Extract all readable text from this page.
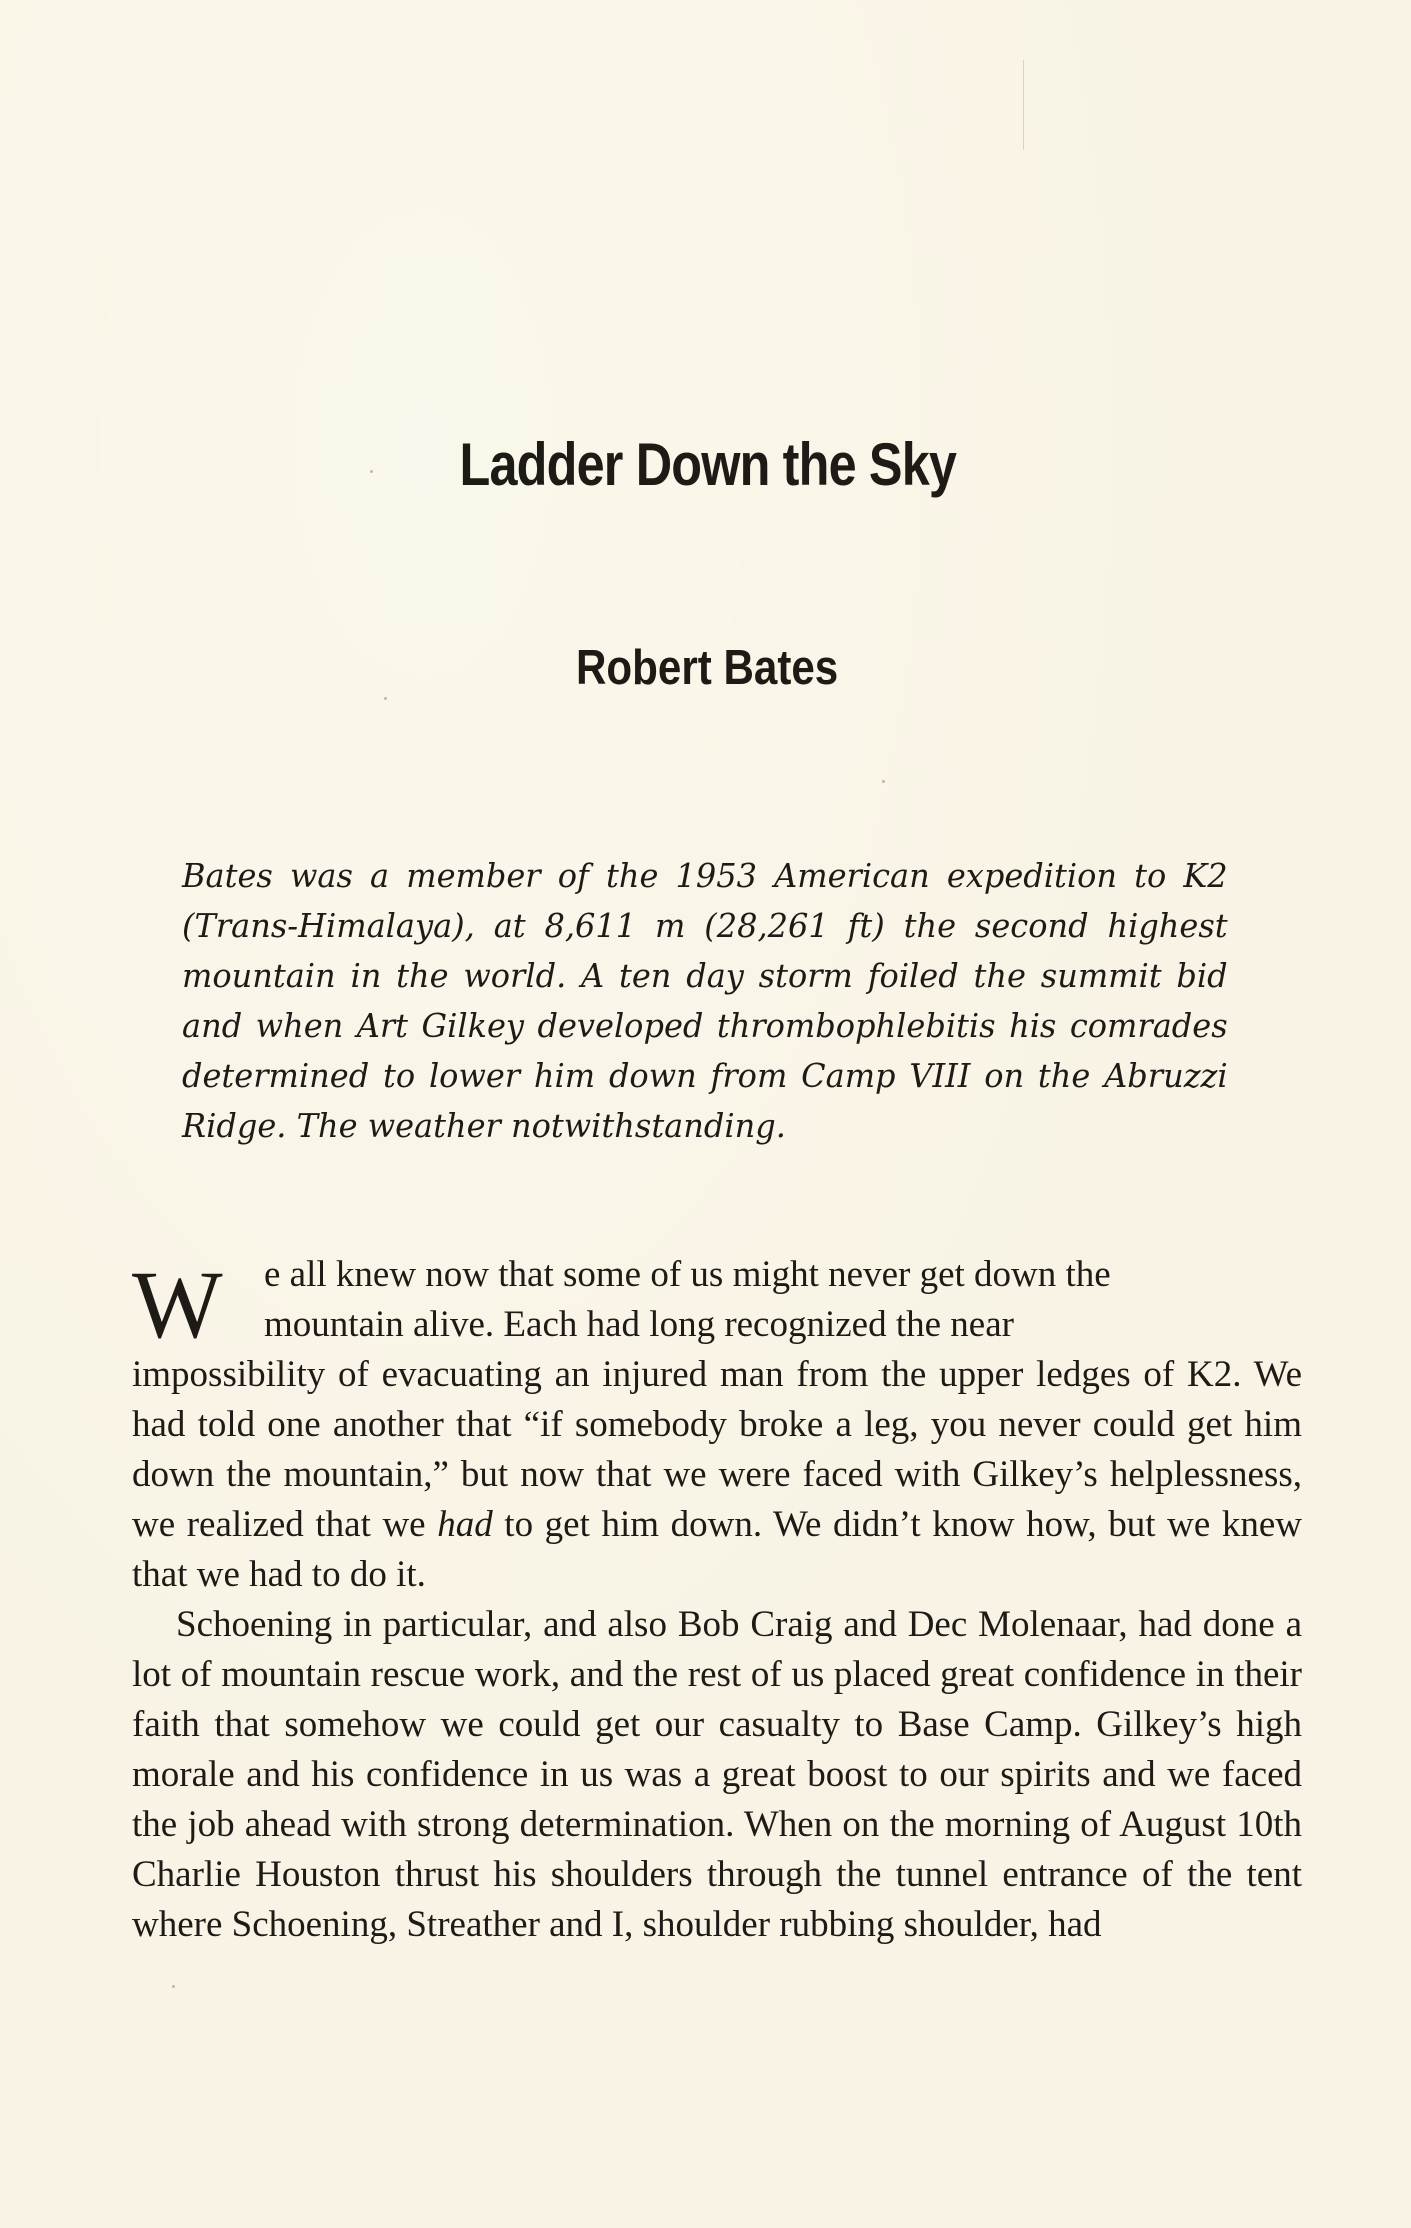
Ladder Down the Sky
Robert Bates

Bates was a member of the 1953 American expedition to K2 (Trans-Himalaya), at 8,611 m (28,261 ft) the second highest mountain in the world. A ten day storm foiled the summit bid and when Art Gilkey developed thrombophlebitis his comrades determined to lower him down from Camp VIII on the Abruzzi Ridge. The weather notwithstanding.

W	e all knew now that some of us might never get down the
mountain alive. Each had long recognized the near
impossibility of evacuating an injured man from the upper ledges of K2. We had told one another that “if somebody broke a leg, you never could get him down the mountain,” but now that we were faced with Gilkey’s helplessness, we realized that we had to get him down. We didn’t know how, but we knew that we had to do it.

Schoening in particular, and also Bob Craig and Dec Molenaar, had done a lot of mountain rescue work, and the rest of us placed great confidence in their faith that somehow we could get our casualty to Base Camp. Gilkey’s high morale and his confidence in us was a great boost to our spirits and we faced the job ahead with strong determination. When on the morning of August 10th Charlie Houston thrust his shoulders through the tunnel entrance of the tent where Schoening, Streather and I, shoulder rubbing shoulder, had
